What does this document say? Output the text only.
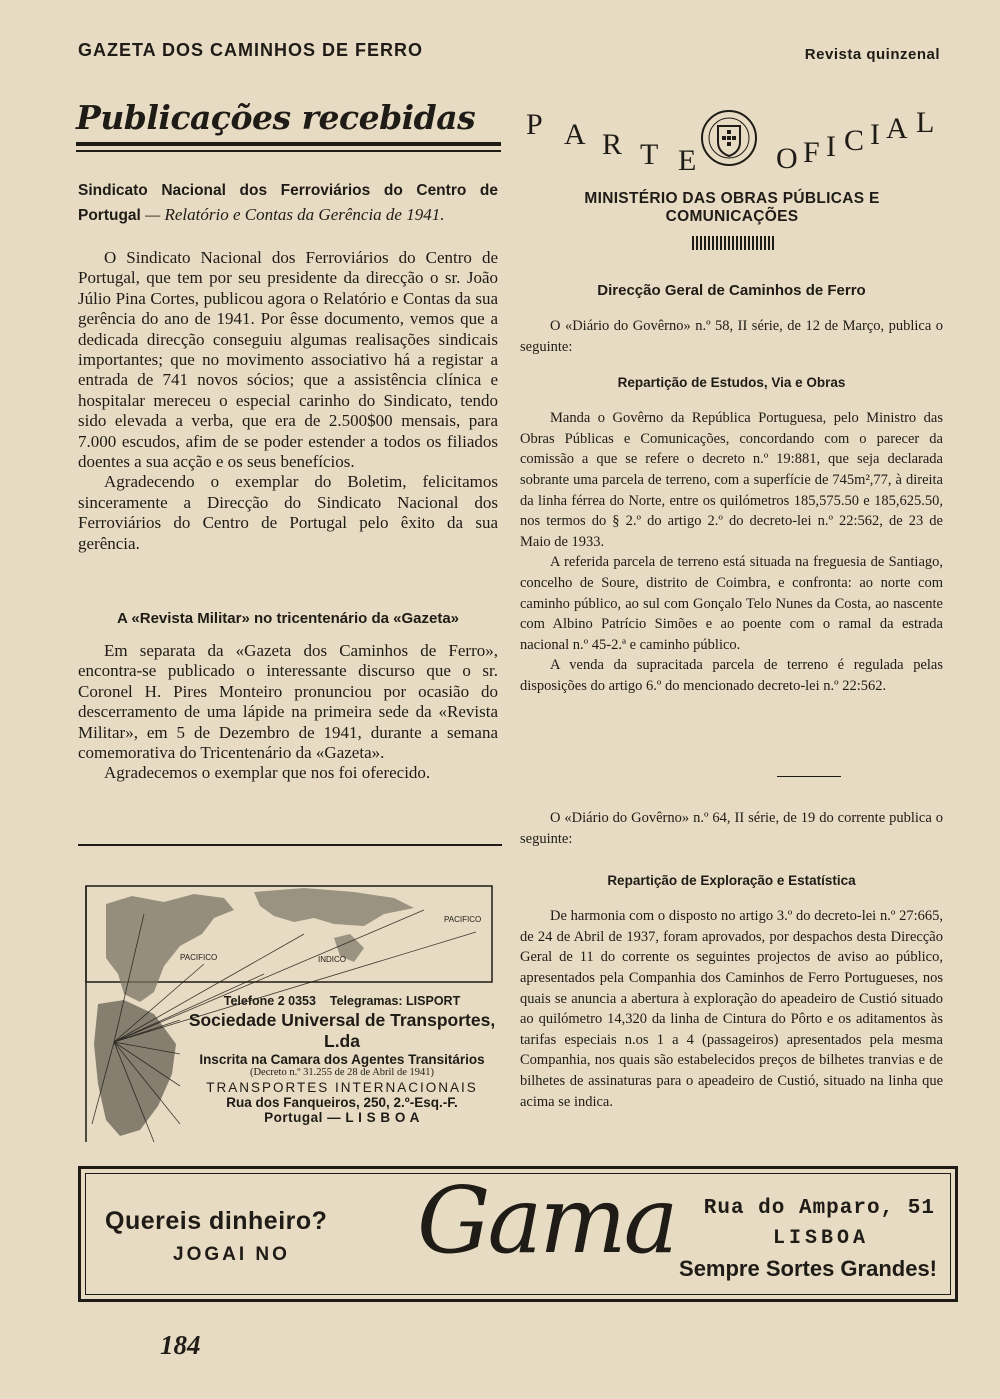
GAZETA DOS CAMINHOS DE FERRO	Revista quinzenal
Publicações recebidas
Sindicato Nacional dos Ferroviários do Centro de Portugal — Relatório e Contas da Gerência de 1941.

O Sindicato Nacional dos Ferroviários do Centro de Portugal, que tem por seu presidente da direcção o sr. João Júlio Pina Cortes, publicou agora o Relatório e Contas da sua gerência do ano de 1941. Por êsse documento, vemos que a dedicada direcção conseguiu algumas realisações sindicais importantes; que no movimento associativo há a registar a entrada de 741 novos sócios; que a assistência clínica e hospitalar mereceu o especial carinho do Sindicato, tendo sido elevada a verba, que era de 2.500$00 mensais, para 7.000 escudos, afim de se poder estender a todos os filiados doentes a sua acção e os seus benefícios.

Agradecendo o exemplar do Boletim, felicitamos sinceramente a Direcção do Sindicato Nacional dos Ferroviários do Centro de Portugal pelo êxito da sua gerência.

A «Revista Militar» no tricentenário da «Gazeta»

Em separata da «Gazeta dos Caminhos de Ferro», encontra-se publicado o interessante discurso que o sr. Coronel H. Pires Monteiro pronunciou por ocasião do descerramento de uma lápide na primeira sede da «Revista Militar», em 5 de Dezembro de 1941, durante a semana comemorativa do Tricentenário da «Gazeta».

Agradecemos o exemplar que nos foi oferecido.

PACIFICO
PACIFICO	INDICO
Telefone 2 0353 Telegramas: LISPORT
Sociedade Universal de Transportes, L.da
Inscrita na Camara dos Agentes Transitários
(Decreto n.º 31.255 de 28 de Abril de 1941)
TRANSPORTES INTERNACIONAIS
Rua dos Fanqueiros, 250, 2.º-Esq.-F.
Portugal — L I S B O A
P A R T E	O F I C I A L
MINISTÉRIO DAS OBRAS PÚBLICAS E COMUNICAÇÕES
Direcção Geral de Caminhos de Ferro

O «Diário do Govêrno» n.º 58, II série, de 12 de Março, publica o seguinte:

Repartição de Estudos, Via e Obras

Manda o Govêrno da República Portuguesa, pelo Ministro das Obras Públicas e Comunicações, concordando com o parecer da comissão a que se refere o decreto n.º 19:881, que seja declarada sobrante uma parcela de terreno, com a superfície de 745m²,77, à direita da linha férrea do Norte, entre os quilómetros 185,575.50 e 185,625.50, nos termos do § 2.º do artigo 2.º do decreto-lei n.º 22:562, de 23 de Maio de 1933.

A referida parcela de terreno está situada na freguesia de Santiago, concelho de Soure, distrito de Coimbra, e confronta: ao norte com caminho público, ao sul com Gonçalo Telo Nunes da Costa, ao nascente com Albino Patrício Simões e ao poente com o ramal da estrada nacional n.º 45-2.ª e caminho público.

A venda da supracitada parcela de terreno é regulada pelas disposições do artigo 6.º do mencionado decreto-lei n.º 22:562.

O «Diário do Govêrno» n.º 64, II série, de 19 do corrente publica o seguinte:

Repartição de Exploração e Estatística

De harmonia com o disposto no artigo 3.º do decreto-lei n.º 27:665, de 24 de Abril de 1937, foram aprovados, por despachos desta Direcção Geral de 11 do corrente os seguintes projectos de aviso ao público, apresentados pela Companhia dos Caminhos de Ferro Portugueses, nos quais se anuncia a abertura à exploração do apeadeiro de Custió situado ao quilómetro 14,320 da linha de Cintura do Pôrto e os aditamentos às tarifas especiais n.os 1 a 4 (passageiros) apresentados pela mesma Companhia, nos quais são estabelecidos preços de bilhetes tranvias e de bilhetes de assinaturas para o apeadeiro de Custió, situado na linha que acima se indica.

Quereis dinheiro?
JOGAI NO Gama Rua do Amparo, 51
LISBOA
Sempre Sortes Grandes!
184
